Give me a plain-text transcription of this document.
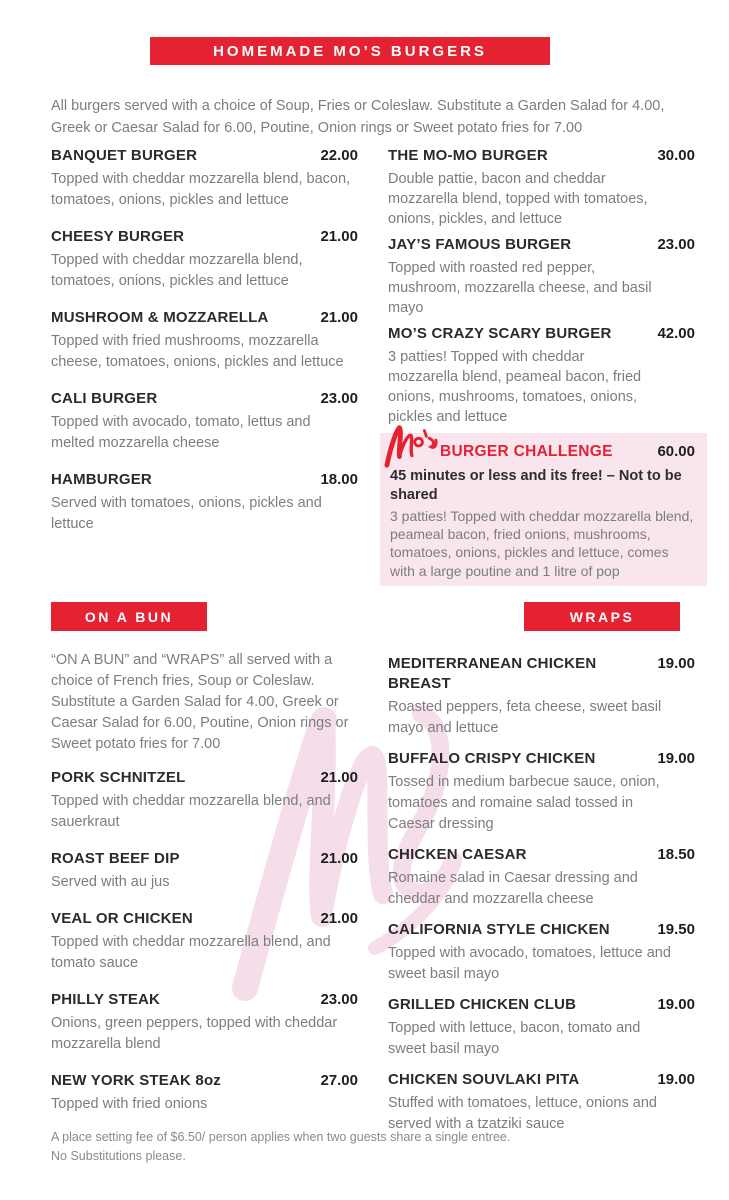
HOMEMADE MO’S BURGERS

All burgers served with a choice of Soup, Fries or Coleslaw. Substitute a Garden Salad for 4.00, Greek or Caesar Salad for 6.00, Poutine, Onion rings or Sweet potato fries for 7.00

BANQUET BURGER	22.00
Topped with cheddar mozzarella blend, bacon, tomatoes, onions, pickles and lettuce
CHEESY BURGER	21.00
Topped with cheddar mozzarella blend, tomatoes, onions, pickles and lettuce
MUSHROOM & MOZZARELLA	21.00
Topped with fried mushrooms, mozzarella cheese, tomatoes, onions, pickles and lettuce
CALI BURGER	23.00
Topped with avocado, tomato, lettus and melted mozzarella cheese
HAMBURGER	18.00
Served with tomatoes, onions, pickles and lettuce
THE MO-MO BURGER	30.00
Double pattie, bacon and cheddar mozzarella blend, topped with tomatoes, onions, pickles, and lettuce
JAY’S FAMOUS BURGER	23.00
Topped with roasted red pepper, mushroom, mozzarella cheese, and basil mayo
MO’S CRAZY SCARY BURGER	42.00
3 patties! Topped with cheddar mozzarella blend, peameal bacon, fried onions, mushrooms, tomatoes, onions, pickles and lettuce
BURGER CHALLENGE	60.00
45 minutes or less and its free! – Not to be shared
3 patties! Topped with cheddar mozzarella blend, peameal bacon, fried onions, mushrooms, tomatoes, onions, pickles and lettuce, comes with a large poutine and 1 litre of pop
ON A BUN

“ON A BUN” and “WRAPS” all served with a choice of French fries, Soup or Coleslaw. Substitute a Garden Salad for 4.00, Greek or Caesar Salad for 6.00, Poutine, Onion rings or Sweet potato fries for 7.00

PORK SCHNITZEL	21.00
Topped with cheddar mozzarella blend, and sauerkraut
ROAST BEEF DIP	21.00
Served with au jus
VEAL OR CHICKEN	21.00
Topped with cheddar mozzarella blend, and tomato sauce
PHILLY STEAK	23.00
Onions, green peppers, topped with cheddar mozzarella blend
NEW YORK STEAK 8oz	27.00
Topped with fried onions
WRAPS
MEDITERRANEAN CHICKEN BREAST
19.00
Roasted peppers, feta cheese, sweet basil mayo and lettuce
BUFFALO CRISPY CHICKEN	19.00
Tossed in medium barbecue sauce, onion, tomatoes and romaine salad tossed in Caesar dressing
CHICKEN CAESAR	18.50
Romaine salad in Caesar dressing and cheddar and mozzarella cheese
CALIFORNIA STYLE CHICKEN	19.50
Topped with avocado, tomatoes, lettuce and sweet basil mayo
GRILLED CHICKEN CLUB	19.00
Topped with lettuce, bacon, tomato and sweet basil mayo
CHICKEN SOUVLAKI PITA	19.00
Stuffed with tomatoes, lettuce, onions and served with a tzatziki sauce
A place setting fee of $6.50/ person applies when two guests share a single entree.
No Substitutions please.
